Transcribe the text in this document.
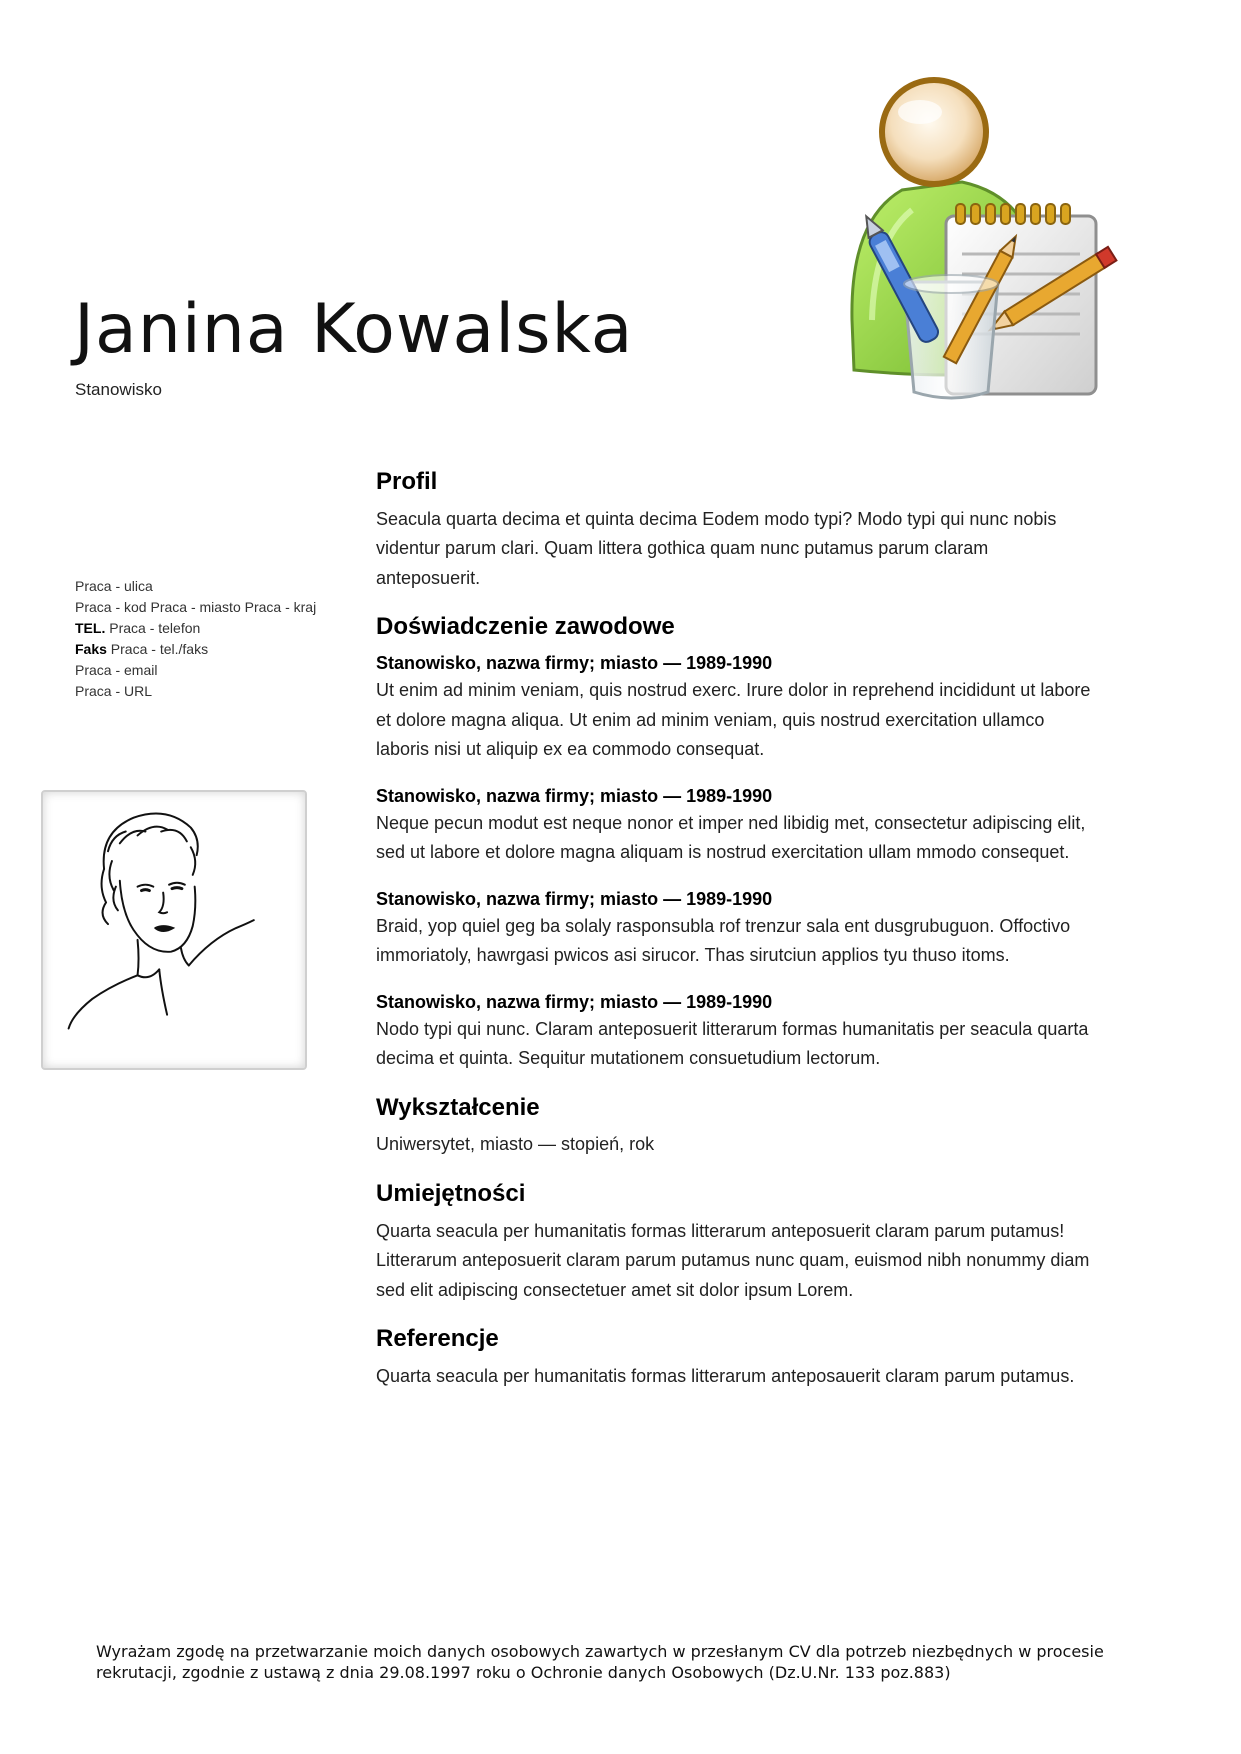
Janina Kowalska
Stanowisko
Praca - ulica
Praca - kod Praca - miasto Praca - kraj
TEL. Praca - telefon
Faks Praca - tel./faks
Praca - email
Praca - URL
Profil

Seacula quarta decima et quinta decima Eodem modo typi? Modo typi qui nunc nobis videntur parum clari. Quam littera gothica quam nunc putamus parum claram anteposuerit.

Doświadczenie zawodowe
Stanowisko, nazwa firmy; miasto — 1989-1990

Ut enim ad minim veniam, quis nostrud exerc. Irure dolor in reprehend incididunt ut labore et dolore magna aliqua. Ut enim ad minim veniam, quis nostrud exercitation ullamco laboris nisi ut aliquip ex ea commodo consequat.

Stanowisko, nazwa firmy; miasto — 1989-1990

Neque pecun modut est neque nonor et imper ned libidig met, consectetur adipiscing elit, sed ut labore et dolore magna aliquam is nostrud exercitation ullam mmodo consequet.

Stanowisko, nazwa firmy; miasto — 1989-1990

Braid, yop quiel geg ba solaly rasponsubla rof trenzur sala ent dusgrubuguon. Offoctivo immoriatoly, hawrgasi pwicos asi sirucor. Thas sirutciun applios tyu thuso itoms.

Stanowisko, nazwa firmy; miasto — 1989-1990

Nodo typi qui nunc. Claram anteposuerit litterarum formas humanitatis per seacula quarta decima et quinta. Sequitur mutationem consuetudium lectorum.

Wykształcenie

Uniwersytet, miasto — stopień, rok

Umiejętności

Quarta seacula per humanitatis formas litterarum anteposuerit claram parum putamus! Litterarum anteposuerit claram parum putamus nunc quam, euismod nibh nonummy diam sed elit adipiscing consectetuer amet sit dolor ipsum Lorem.

Referencje

Quarta seacula per humanitatis formas litterarum anteposauerit claram parum putamus.

Wyrażam zgodę na przetwarzanie moich danych osobowych zawartych w przesłanym CV dla potrzeb niezbędnych w procesie rekrutacji, zgodnie z ustawą z dnia 29.08.1997 roku o Ochronie danych Osobowych (Dz.U.Nr. 133 poz.883)
